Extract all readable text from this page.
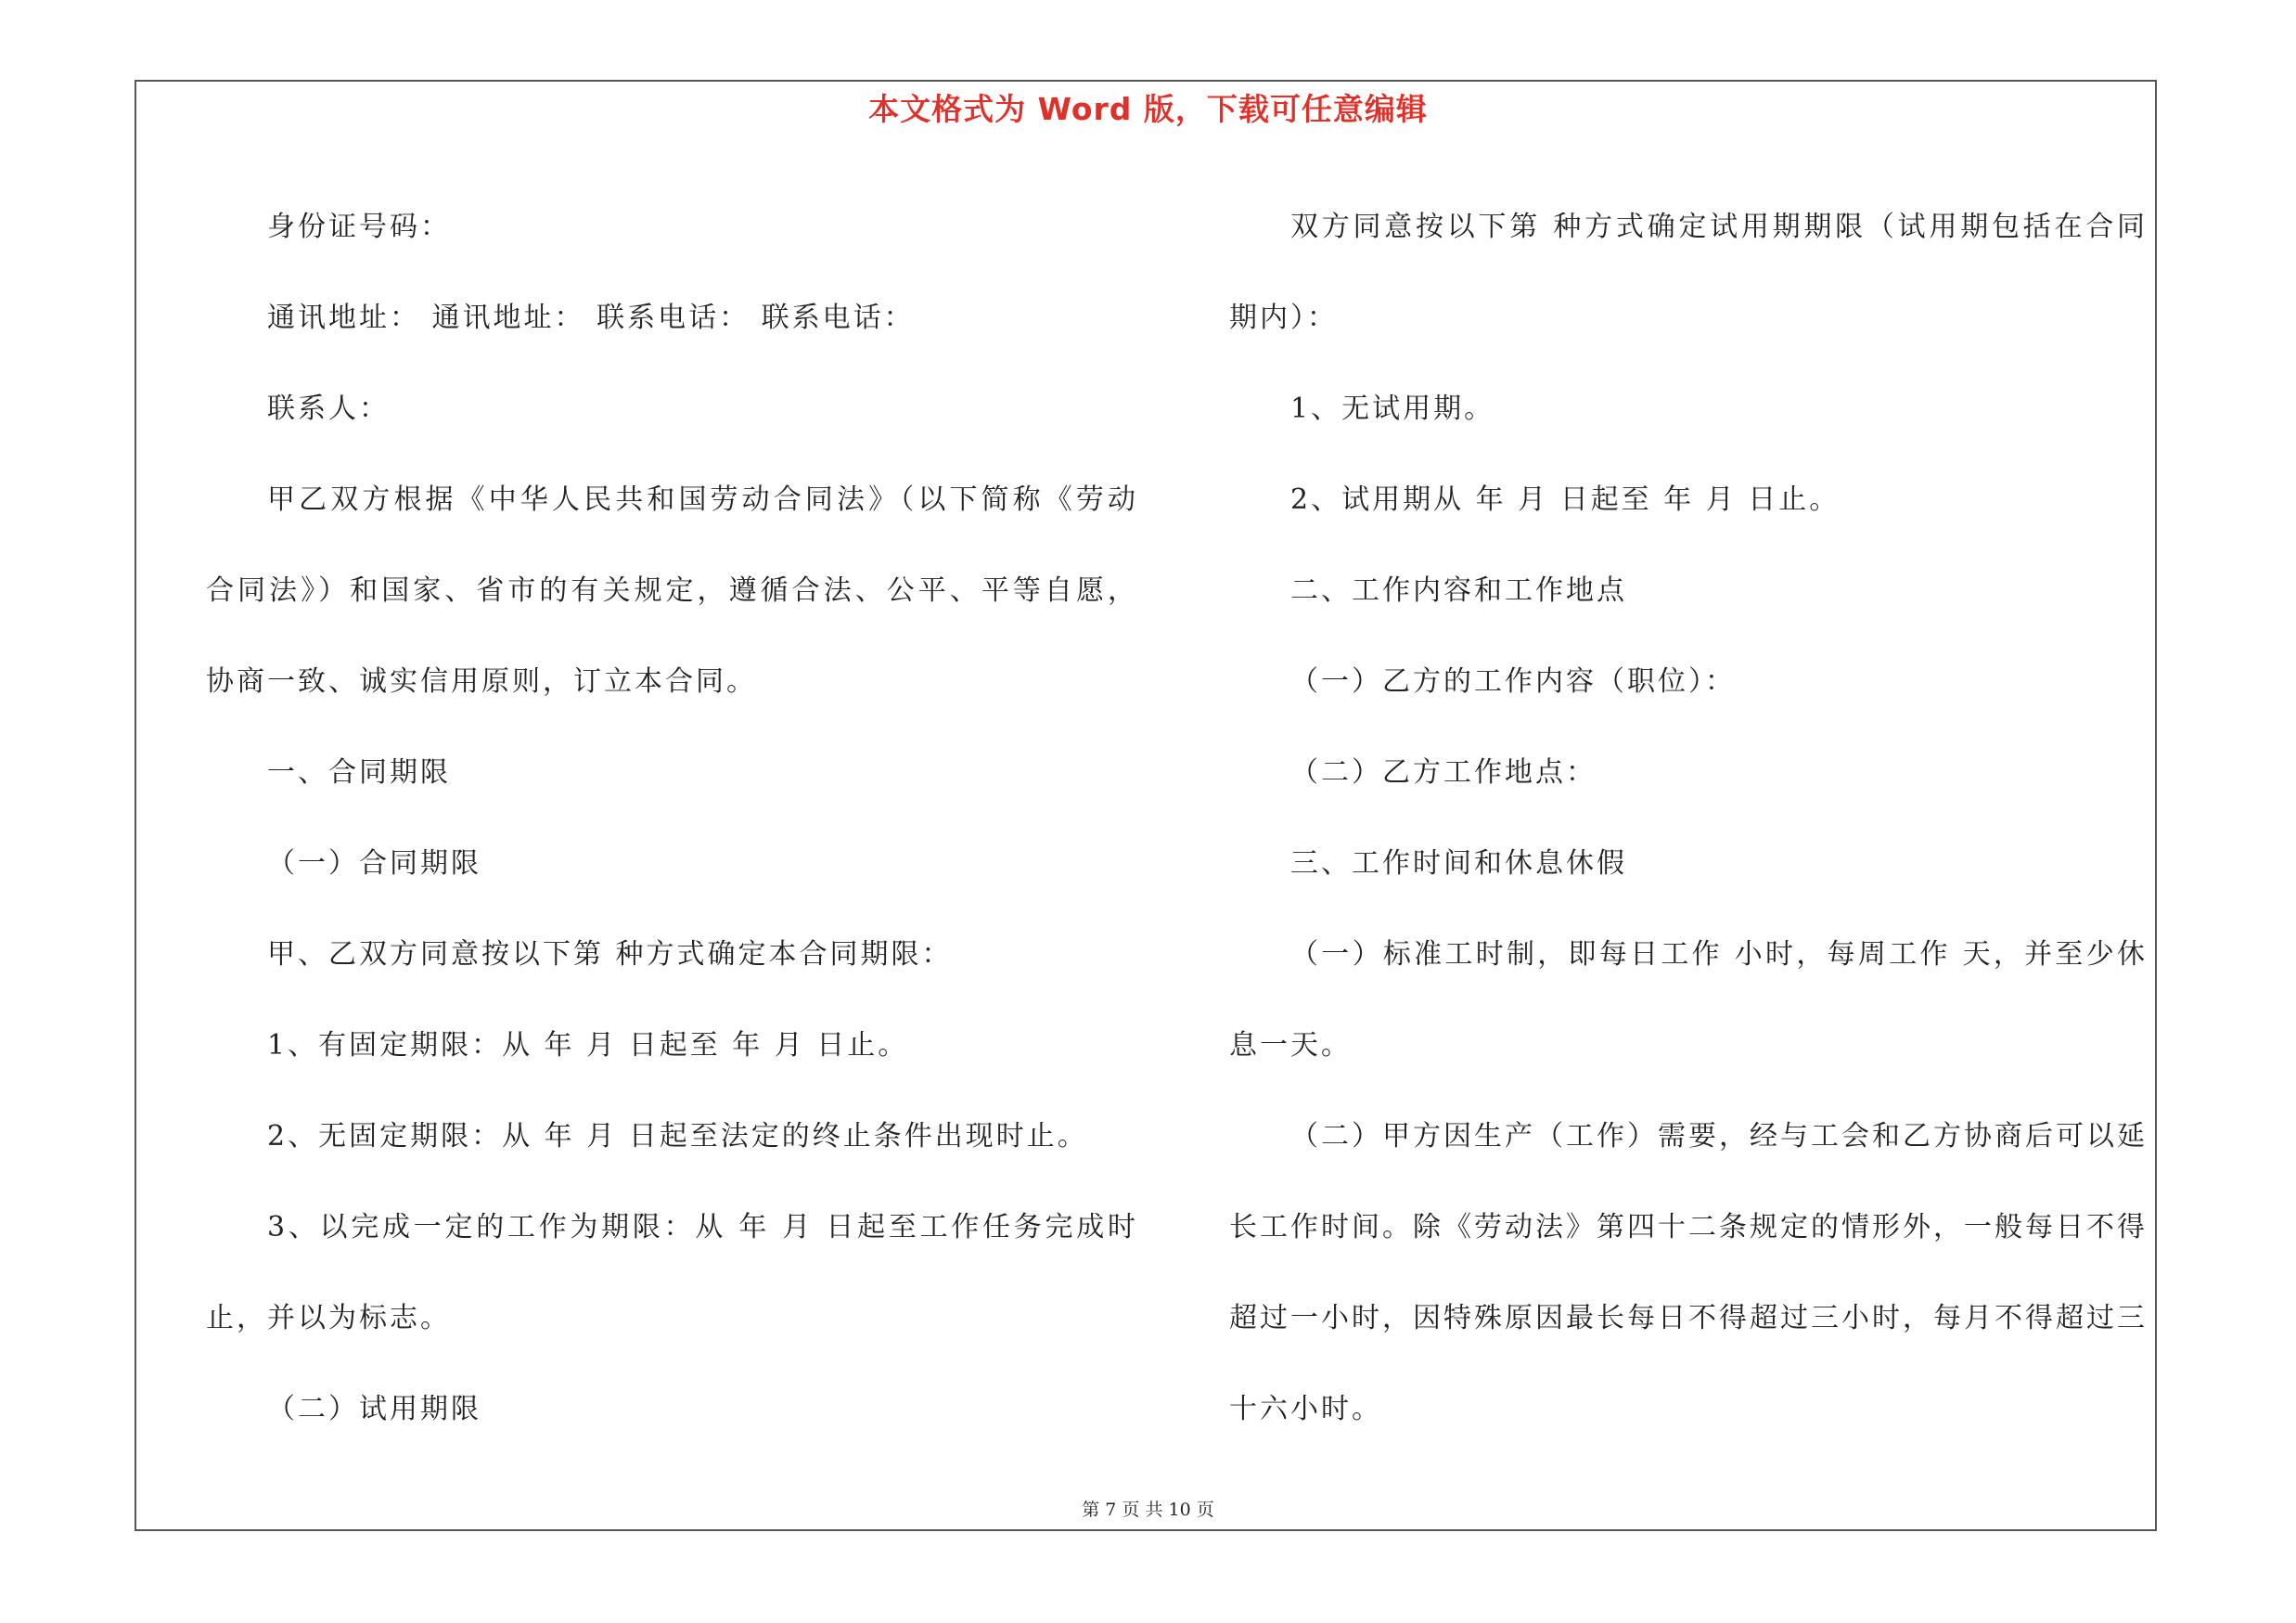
本文格式为 Word 版，下载可任意编辑

身份证号码：

通讯地址： 通讯地址： 联系电话： 联系电话：

联系人：

甲乙双方根据《中华人民共和国劳动合同法》（以下简称《劳动合同法》）和国家、省市的有关规定，遵循合法、公平、平等自愿，协商一致、诚实信用原则，订立本合同。

一、合同期限

（一）合同期限

甲、乙双方同意按以下第 种方式确定本合同期限：

1、有固定期限：从 年 月 日起至 年 月 日止。

2、无固定期限：从 年 月 日起至法定的终止条件出现时止。

3、以完成一定的工作为期限：从 年 月 日起至工作任务完成时止，并以为标志。

（二）试用期限

双方同意按以下第 种方式确定试用期期限（试用期包括在合同期内）：

1、无试用期。

2、试用期从 年 月 日起至 年 月 日止。

二、工作内容和工作地点

（一）乙方的工作内容（职位）：

（二）乙方工作地点：

三、工作时间和休息休假

（一）标准工时制，即每日工作 小时，每周工作 天，并至少休息一天。

（二）甲方因生产（工作）需要，经与工会和乙方协商后可以延长工作时间。除《劳动法》第四十二条规定的情形外，一般每日不得超过一小时，因特殊原因最长每日不得超过三小时，每月不得超过三十六小时。

第 7 页 共 10 页
